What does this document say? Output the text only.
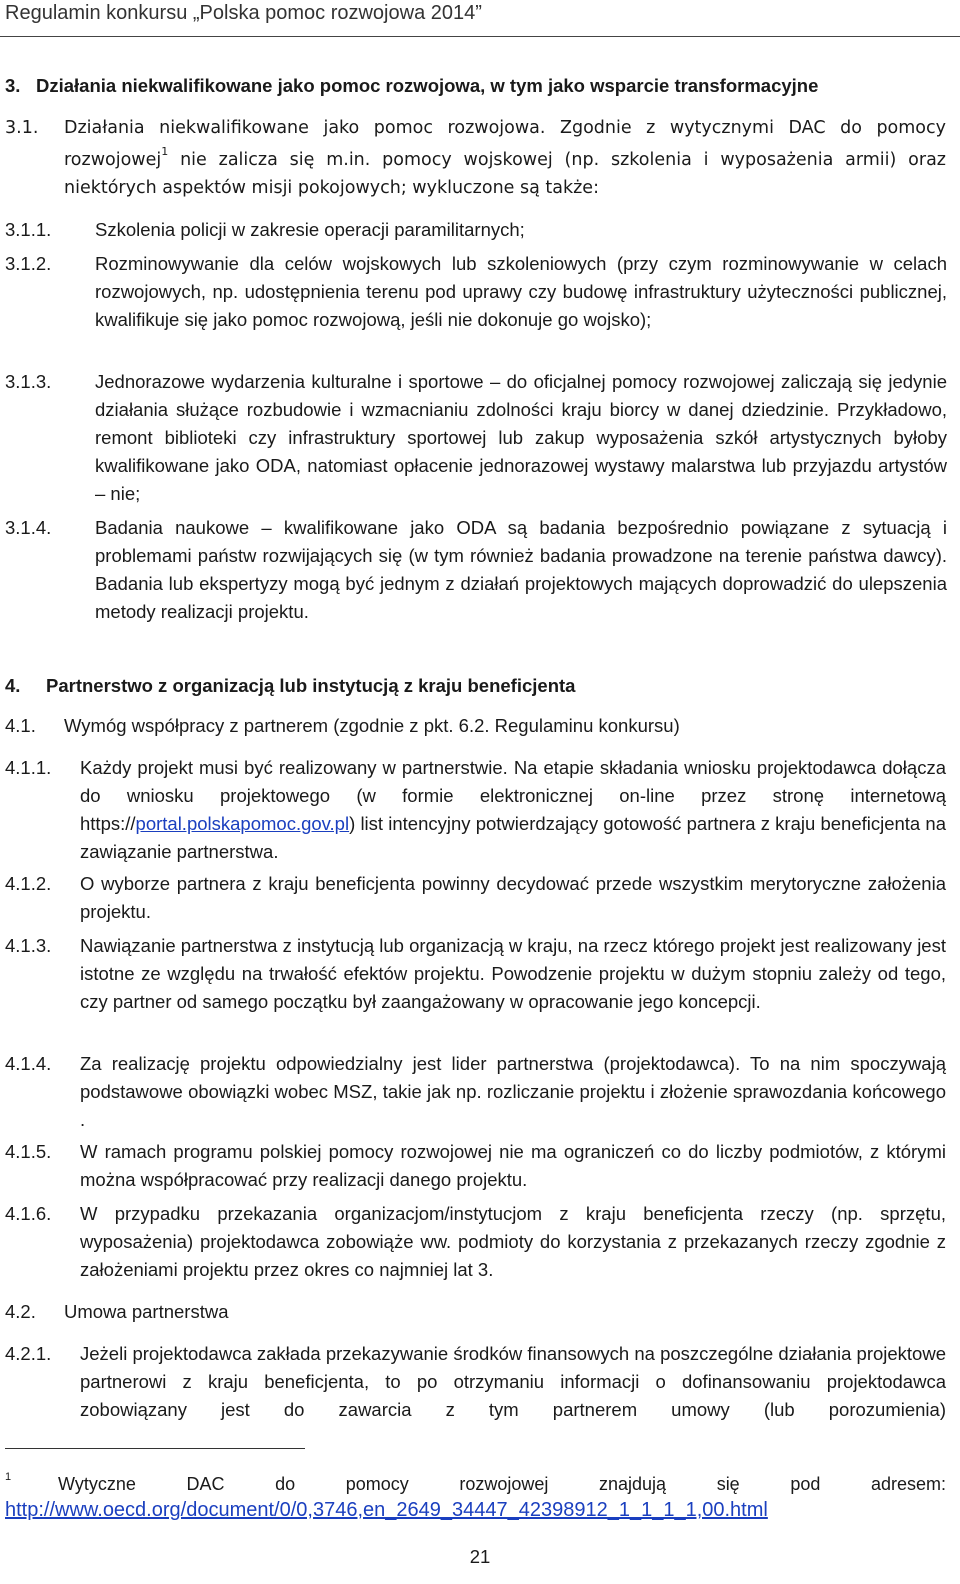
Regulamin konkursu „Polska pomoc rozwojowa 2014”
3. Działania niekwalifikowane jako pomoc rozwojowa, w tym jako wsparcie transformacyjne
3.1. Działania niekwalifikowane jako pomoc rozwojowa. Zgodnie z wytycznymi DAC do pomocy
rozwojowej$^1$ nie zalicza się m.in. pomocy wojskowej (np. szkolenia i wyposażenia armii) oraz
niektórych aspektów misji pokojowych; wykluczone są także:
3.1.1. Szkolenia policji w zakresie operacji paramilitarnych;
3.1.2. Rozminowywanie dla celów wojskowych lub szkoleniowych (przy czym rozminowywanie w celach rozwojowych, np. udostępnienia terenu pod uprawy czy budowę infrastruktury użyteczności publicznej, kwalifikuje się jako pomoc rozwojową, jeśli nie dokonuje go wojsko);
3.1.3. Jednorazowe wydarzenia kulturalne i sportowe – do oficjalnej pomocy rozwojowej zaliczają się jedynie działania służące rozbudowie i wzmacnianiu zdolności kraju biorcy w danej dziedzinie. Przykładowo, remont biblioteki czy infrastruktury sportowej lub zakup wyposażenia szkół artystycznych byłoby kwalifikowane jako ODA, natomiast opłacenie jednorazowej wystawy malarstwa lub przyjazdu artystów – nie;
3.1.4. Badania naukowe – kwalifikowane jako ODA są badania bezpośrednio powiązane z sytuacją i problemami państw rozwijających się (w tym również badania prowadzone na terenie państwa dawcy). Badania lub ekspertyzy mogą być jednym z działań projektowych mających doprowadzić do ulepszenia metody realizacji projektu.
4. Partnerstwo z organizacją lub instytucją z kraju beneficjenta
4.1. Wymóg współpracy z partnerem (zgodnie z pkt. 6.2. Regulaminu konkursu)
4.1.1. Każdy projekt musi być realizowany w partnerstwie. Na etapie składania wniosku projektodawca dołącza do wniosku projektowego (w formie elektronicznej on-line przez stronę internetową https://portal.polskapomoc.gov.pl) list intencyjny potwierdzający gotowość partnera z kraju beneficjenta na zawiązanie partnerstwa.
4.1.2. O wyborze partnera z kraju beneficjenta powinny decydować przede wszystkim merytoryczne założenia projektu.
4.1.3. Nawiązanie partnerstwa z instytucją lub organizacją w kraju, na rzecz którego projekt jest realizowany jest istotne ze względu na trwałość efektów projektu. Powodzenie projektu w dużym stopniu zależy od tego, czy partner od samego początku był zaangażowany w opracowanie jego koncepcji.
4.1.4. Za realizację projektu odpowiedzialny jest lider partnerstwa (projektodawca). To na nim spoczywają podstawowe obowiązki wobec MSZ, takie jak np. rozliczanie projektu i złożenie sprawozdania końcowego .
4.1.5. W ramach programu polskiej pomocy rozwojowej nie ma ograniczeń co do liczby podmiotów, z którymi można współpracować przy realizacji danego projektu.
4.1.6. W przypadku przekazania organizacjom/instytucjom z kraju beneficjenta rzeczy (np. sprzętu, wyposażenia) projektodawca zobowiąże ww. podmioty do korzystania z przekazanych rzeczy zgodnie z założeniami projektu przez okres co najmniej lat 3.
4.2. Umowa partnerstwa
4.2.1. Jeżeli projektodawca zakłada przekazywanie środków finansowych na poszczególne działania projektowe partnerowi z kraju beneficjenta, to po otrzymaniu informacji o dofinansowaniu projektodawca zobowiązany jest do zawarcia z tym partnerem umowy (lub porozumienia)
1	Wytyczne DAC do pomocy rozwojowej znajdują się pod adresem:
http://www.oecd.org/document/0/0,3746,en_2649_34447_42398912_1_1_1_1,00.html
21
